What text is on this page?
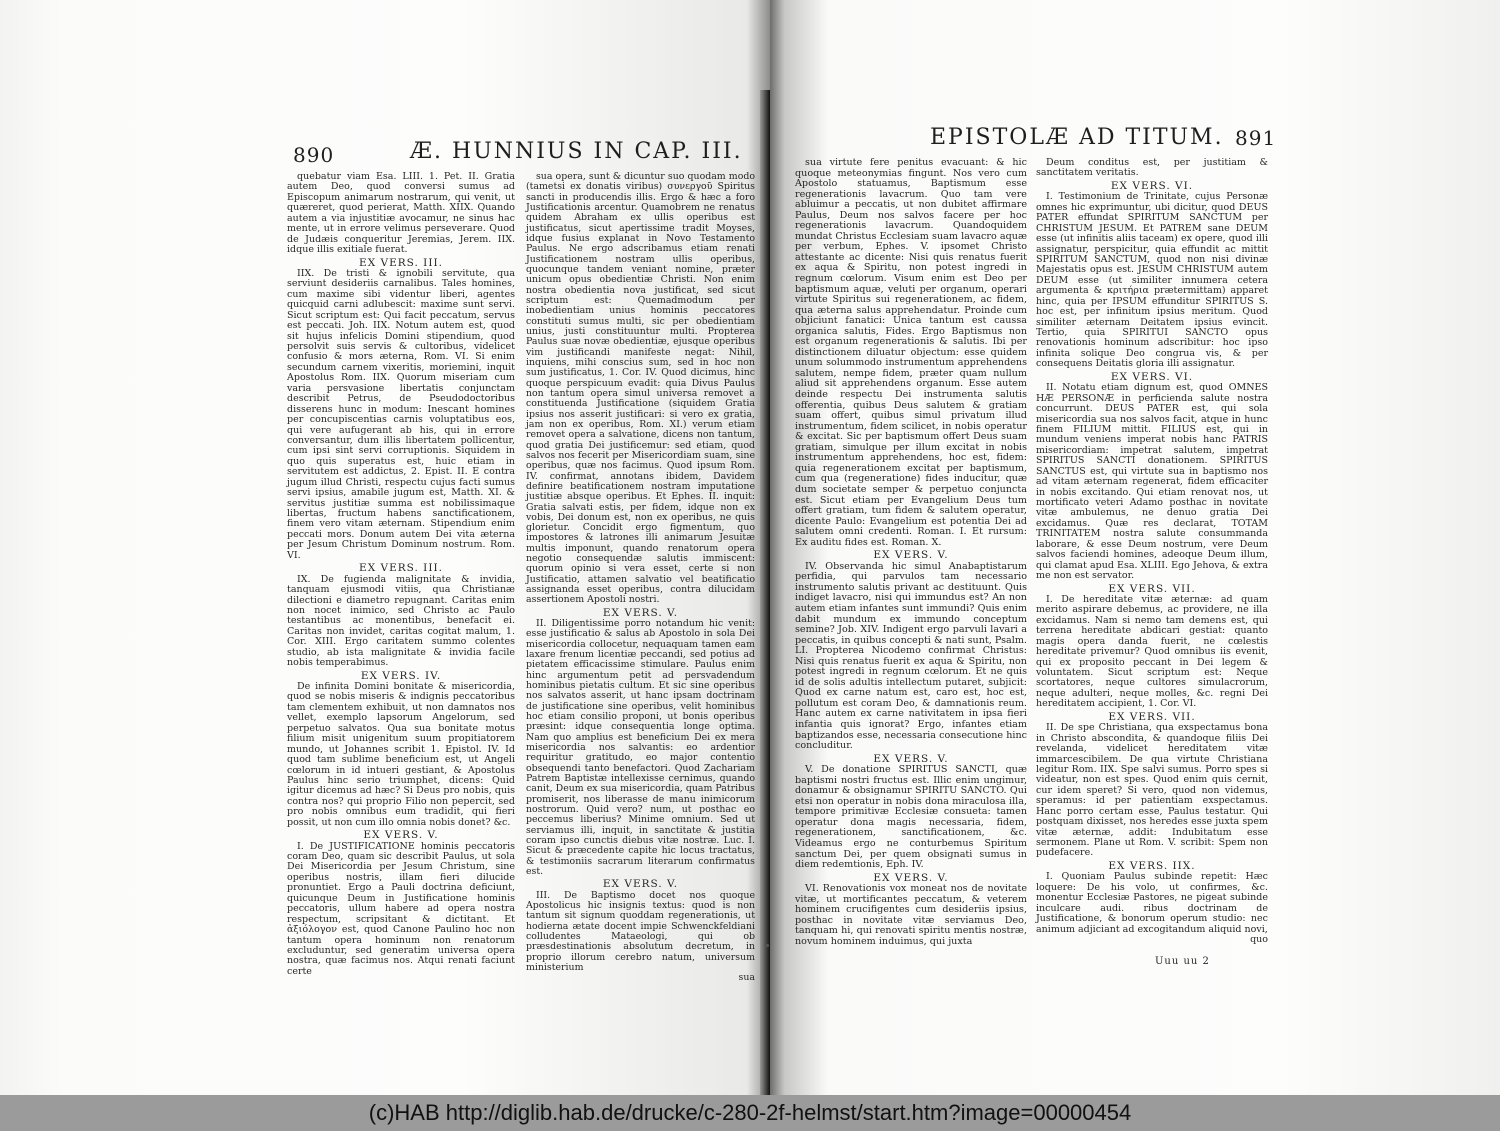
890	Æ. HUNNIUS IN CAP. III.

quebatur viam Esa. LIII. 1. Pet. II. Gratia autem Deo, quod conversi sumus ad Episcopum animarum nostrarum, qui venit, ut quæreret, quod perierat, Matth. XIIX. Quando autem a via injustitiæ avocamur, ne sinus hac mente, ut in errore velimus perseverare. Quod de Judæis conqueritur Jeremias, Jerem. IIX. idque illis exitiale fuerat.

EX VERS. III.

IIX. De tristi & ignobili servitute, qua serviunt desideriis carnalibus. Tales homines, cum maxime sibi videntur liberi, agentes quicquid carni adlubescit: maxime sunt servi. Sicut scriptum est: Qui facit peccatum, servus est peccati. Joh. IIX. Notum autem est, quod sit hujus infelicis Domini stipendium, quod persolvit suis servis & cultoribus, videlicet confusio & mors æterna, Rom. VI. Si enim secundum carnem vixeritis, moriemini, inquit Apostolus Rom. IIX. Quorum miseriam cum varia persvasione libertatis conjunctam describit Petrus, de Pseudodoctoribus disserens hunc in modum: Inescant homines per concupiscentias carnis voluptatibus eos, qui vere aufugerant ab his, qui in errore conversantur, dum illis libertatem pollicentur, cum ipsi sint servi corruptionis. Siquidem in quo quis superatus est, huic etiam in servitutem est addictus, 2. Epist. II. E contra jugum illud Christi, respectu cujus facti sumus servi ipsius, amabile jugum est, Matth. XI. & servitus justitiæ summa est nobilissimaque libertas, fructum habens sanctificationem, finem vero vitam æternam. Stipendium enim peccati mors. Donum autem Dei vita æterna per Jesum Christum Dominum nostrum. Rom. VI.

EX VERS. III.

IX. De fugienda malignitate & invidia, tanquam ejusmodi vitiis, qua Christianæ dilectioni e diametro repugnant. Caritas enim non nocet inimico, sed Christo ac Paulo testantibus ac monentibus, benefacit ei. Caritas non invidet, caritas cogitat malum, 1. Cor. XIII. Ergo caritatem summo colentes studio, ab ista malignitate & invidia facile nobis temperabimus.

EX VERS. IV.

De infinita Domini bonitate & misericordia, quod se nobis miseris & indignis peccatoribus tam clementem exhibuit, ut non damnatos nos vellet, exemplo lapsorum Angelorum, sed perpetuo salvatos. Qua sua bonitate motus filium misit unigenitum suum propitiatorem mundo, ut Johannes scribit 1. Epistol. IV. Id quod tam sublime beneficium est, ut Angeli cœlorum in id intueri gestiant, & Apostolus Paulus hinc serio triumphet, dicens: Quid igitur dicemus ad hæc? Si Deus pro nobis, quis contra nos? qui proprio Filio non pepercit, sed pro nobis omnibus eum tradidit, qui fieri possit, ut non cum illo omnia nobis donet? &c.

EX VERS. V.

I. De JUSTIFICATIONE hominis peccatoris coram Deo, quam sic describit Paulus, ut sola Dei Misericordia per Jesum Christum, sine operibus nostris, illam fieri dilucide pronuntiet. Ergo a Pauli doctrina deficiunt, quicunque Deum in Justificatione hominis peccatoris, ullum habere ad opera nostra respectum, scripsitant & dictitant. Et ἀξιόλογον est, quod Canone Paulino hoc non tantum opera hominum non renatorum excluduntur, sed generatim universa opera nostra, quæ facimus nos. Atqui renati faciunt certe

sua opera, sunt & dicuntur suo quodam modo (tametsi ex donatis viribus) συνεργοῦ Spiritus sancti in producendis illis. Ergo & hæc a foro Justificationis arcentur. Quamobrem ne renatus quidem Abraham ex ullis operibus est justificatus, sicut apertissime tradit Moyses, idque fusius explanat in Novo Testamento Paulus. Ne ergo adscribamus etiam renati Justificationem nostram ullis operibus, quocunque tandem veniant nomine, præter unicum opus obedientiæ Christi. Non enim nostra obedientia nova justificat, sed sicut scriptum est: Quemadmodum per inobedientiam unius hominis peccatores constituti sumus multi, sic per obedientiam unius, justi constituuntur multi. Propterea Paulus suæ novæ obedientiæ, ejusque operibus vim justificandi manifeste negat: Nihil, inquiens, mihi conscius sum, sed in hoc non sum justificatus, 1. Cor. IV. Quod dicimus, hinc quoque perspicuum evadit: quia Divus Paulus non tantum opera simul universa removet a constituenda Justificatione (siquidem Gratia ipsius nos asserit justificari: si vero ex gratia, jam non ex operibus, Rom. XI.) verum etiam removet opera a salvatione, dicens non tantum, quod gratia Dei justificemur: sed etiam, quod salvos nos fecerit per Misericordiam suam, sine operibus, quæ nos facimus. Quod ipsum Rom. IV. confirmat, annotans ibidem, Davidem definire beatificationem nostram imputatione justitiæ absque operibus. Et Ephes. II. inquit: Gratia salvati estis, per fidem, idque non ex vobis, Dei donum est, non ex operibus, ne quis glorietur. Concidit ergo figmentum, quo impostores & latrones illi animarum Jesuitæ multis imponunt, quando renatorum opera negotio consequendæ salutis immiscent: quorum opinio si vera esset, certe si non Justificatio, attamen salvatio vel beatificatio assignanda esset operibus, contra dilucidam assertionem Apostoli nostri.

EX VERS. V.

II. Diligentissime porro notandum hic venit: esse justificatio & salus ab Apostolo in sola Dei misericordia collocetur, nequaquam tamen eam laxare frenum licentiæ peccandi, sed potius ad pietatem efficacissime stimulare. Paulus enim hinc argumentum petit ad persvadendum hominibus pietatis cultum. Et sic sine operibus nos salvatos asserit, ut hanc ipsam doctrinam de justificatione sine operibus, velit hominibus hoc etiam consilio proponi, ut bonis operibus præsint: idque consequentia longe optima. Nam quo amplius est beneficium Dei ex mera misericordia nos salvantis: eo ardentior requiritur gratitudo, eo major contentio obsequendi tanto benefactori. Quod Zachariam Patrem Baptistæ intellexisse cernimus, quando canit, Deum ex sua misericordia, quam Patribus promiserit, nos liberasse de manu inimicorum nostrorum. Quid vero? num, ut posthac eo peccemus liberius? Minime omnium. Sed ut serviamus illi, inquit, in sanctitate & justitia coram ipso cunctis diebus vitæ nostræ. Luc. I. Sicut & præcedente capite hic locus tractatus, & testimoniis sacrarum literarum confirmatus est.

EX VERS. V.

III. De Baptismo docet nos quoque Apostolicus hic insignis textus: quod is non tantum sit signum quoddam regenerationis, ut hodierna ætate docent impie Schwenckfeldiani colludentes Mataeologi, qui ob præsdestinationis absolutum decretum, in proprio illorum cerebro natum, universum ministerium

sua

EPISTOLÆ AD TITUM. 891

sua virtute fere penitus evacuant: & hic quoque meteonymias fingunt. Nos vero cum Apostolo statuamus, Baptismum esse regenerationis lavacrum. Quo tam vere abluimur a peccatis, ut non dubitet affirmare Paulus, Deum nos salvos facere per hoc regenerationis lavacrum. Quandoquidem mundat Christus Ecclesiam suam lavacro aquæ per verbum, Ephes. V. ipsomet Christo attestante ac dicente: Nisi quis renatus fuerit ex aqua & Spiritu, non potest ingredi in regnum cœlorum. Visum enim est Deo per baptismum aquæ, veluti per organum, operari virtute Spiritus sui regenerationem, ac fidem, qua æterna salus apprehendatur. Proinde cum objiciunt fanatici: Unica tantum est caussa organica salutis, Fides. Ergo Baptismus non est organum regenerationis & salutis. Ibi per distinctionem diluatur objectum: esse quidem unum solummodo instrumentum apprehendens salutem, nempe fidem, præter quam nullum aliud sit apprehendens organum. Esse autem deinde respectu Dei instrumenta salutis offerentia, quibus Deus salutem & gratiam suam offert, quibus simul privatum illud instrumentum, fidem scilicet, in nobis operatur & excitat. Sic per baptismum offert Deus suam gratiam, simulque per illum excitat in nobis instrumentum apprehendens, hoc est, fidem: quia regenerationem excitat per baptismum, cum qua (regeneratione) fides inducitur, quæ dum societate semper & perpetuo conjuncta est. Sicut etiam per Evangelium Deus tum offert gratiam, tum fidem & salutem operatur, dicente Paulo: Evangelium est potentia Dei ad salutem omni credenti. Roman. I. Et rursum: Ex auditu fides est. Roman. X.

EX VERS. V.

IV. Observanda hic simul Anabaptistarum perfidia, qui parvulos tam necessario instrumento salutis privant ac destituunt. Quis indiget lavacro, nisi qui immundus est? An non autem etiam infantes sunt immundi? Quis enim dabit mundum ex immundo conceptum semine? Job. XIV. Indigent ergo parvuli lavari a peccatis, in quibus concepti & nati sunt, Psalm. LI. Propterea Nicodemo confirmat Christus: Nisi quis renatus fuerit ex aqua & Spiritu, non potest ingredi in regnum cœlorum. Et ne quis id de solis adultis intellectum putaret, subjicit: Quod ex carne natum est, caro est, hoc est, pollutum est coram Deo, & damnationis reum. Hanc autem ex carne nativitatem in ipsa fieri infantia quis ignorat? Ergo, infantes etiam baptizandos esse, necessaria consecutione hinc concluditur.

EX VERS. V.

V. De donatione SPIRITUS SANCTI, quæ baptismi nostri fructus est. Illic enim ungimur, donamur & obsignamur SPIRITU SANCTO. Qui etsi non operatur in nobis dona miraculosa illa, tempore primitivæ Ecclesiæ consueta: tamen operatur dona magis necessaria, fidem, regenerationem, sanctificationem, &c. Videamus ergo ne conturbemus Spiritum sanctum Dei, per quem obsignati sumus in diem redemtionis, Eph. IV.

EX VERS. V.

VI. Renovationis vox moneat nos de novitate vitæ, ut mortificantes peccatum, & veterem hominem crucifigentes cum desideriis ipsius, posthac in novitate vitæ serviamus Deo, tanquam hi, qui renovati spiritu mentis nostræ, novum hominem induimus, qui juxta

Deum conditus est, per justitiam & sanctitatem veritatis.

EX VERS. VI.

I. Testimonium de Trinitate, cujus Personæ omnes hic exprimuntur, ubi dicitur, quod DEUS PATER effundat SPIRITUM SANCTUM per CHRISTUM JESUM. Et PATREM sane DEUM esse (ut infinitis aliis taceam) ex opere, quod illi assignatur, perspicitur, quia effundit ac mittit SPIRITUM SANCTUM, quod non nisi divinæ Majestatis opus est. JESUM CHRISTUM autem DEUM esse (ut similiter innumera cetera argumenta & κριτήρια prætermittam) apparet hinc, quia per IPSUM effunditur SPIRITUS S. hoc est, per infinitum ipsius meritum. Quod similiter æternam Deitatem ipsius evincit. Tertio, quia SPIRITUI SANCTO opus renovationis hominum adscribitur: hoc ipso infinita solique Deo congrua vis, & per consequens Deitatis gloria illi assignatur.

EX VERS. VI.

II. Notatu etiam dignum est, quod OMNES HÆ PERSONÆ in perficienda salute nostra concurrunt. DEUS PATER est, qui sola misericordia sua nos salvos facit, atque in hunc finem FILIUM mittit. FILIUS est, qui in mundum veniens imperat nobis hanc PATRIS misericordiam: impetrat salutem, impetrat SPIRITUS SANCTI donationem. SPIRITUS SANCTUS est, qui virtute sua in baptismo nos ad vitam æternam regenerat, fidem efficaciter in nobis excitando. Qui etiam renovat nos, ut mortificato veteri Adamo posthac in novitate vitæ ambulemus, ne denuo gratia Dei excidamus. Quæ res declarat, TOTAM TRINITATEM nostra salute consummanda laborare, & esse Deum nostrum, vere Deum salvos faciendi homines, adeoque Deum illum, qui clamat apud Esa. XLIII. Ego Jehova, & extra me non est servator.

EX VERS. VII.

I. De hereditate vitæ æternæ: ad quam merito aspirare debemus, ac providere, ne illa excidamus. Nam si nemo tam demens est, qui terrena hereditate abdicari gestiat: quanto magis opera danda fuerit, ne cœlestis hereditate privemur? Quod omnibus iis evenit, qui ex proposito peccant in Dei legem & voluntatem. Sicut scriptum est: Neque scortatores, neque cultores simulacrorum, neque adulteri, neque molles, &c. regni Dei hereditatem accipient, 1. Cor. VI.

EX VERS. VII.

II. De spe Christiana, qua exspectamus bona in Christo abscondita, & quandoque filiis Dei revelanda, videlicet hereditatem vitæ immarcescibilem. De qua virtute Christiana legitur Rom. IIX. Spe salvi sumus. Porro spes si videatur, non est spes. Quod enim quis cernit, cur idem speret? Si vero, quod non videmus, speramus: id per patientiam exspectamus. Hanc porro certam esse, Paulus testatur. Qui postquam dixisset, nos heredes esse juxta spem vitæ æternæ, addit: Indubitatum esse sermonem. Plane ut Rom. V. scribit: Spem non pudefacere.

EX VERS. IIX.

I. Quoniam Paulus subinde repetit: Hæc loquere: De his volo, ut confirmes, &c. monentur Ecclesiæ Pastores, ne pigeat subinde inculcare audi. ribus doctrinam de Justificatione, & bonorum operum studio: nec animum adjiciant ad excogitandum aliquid novi,

quo

Uuu uu 2
(c)HAB http://diglib.hab.de/drucke/c-280-2f-helmst/start.htm?image=00000454
